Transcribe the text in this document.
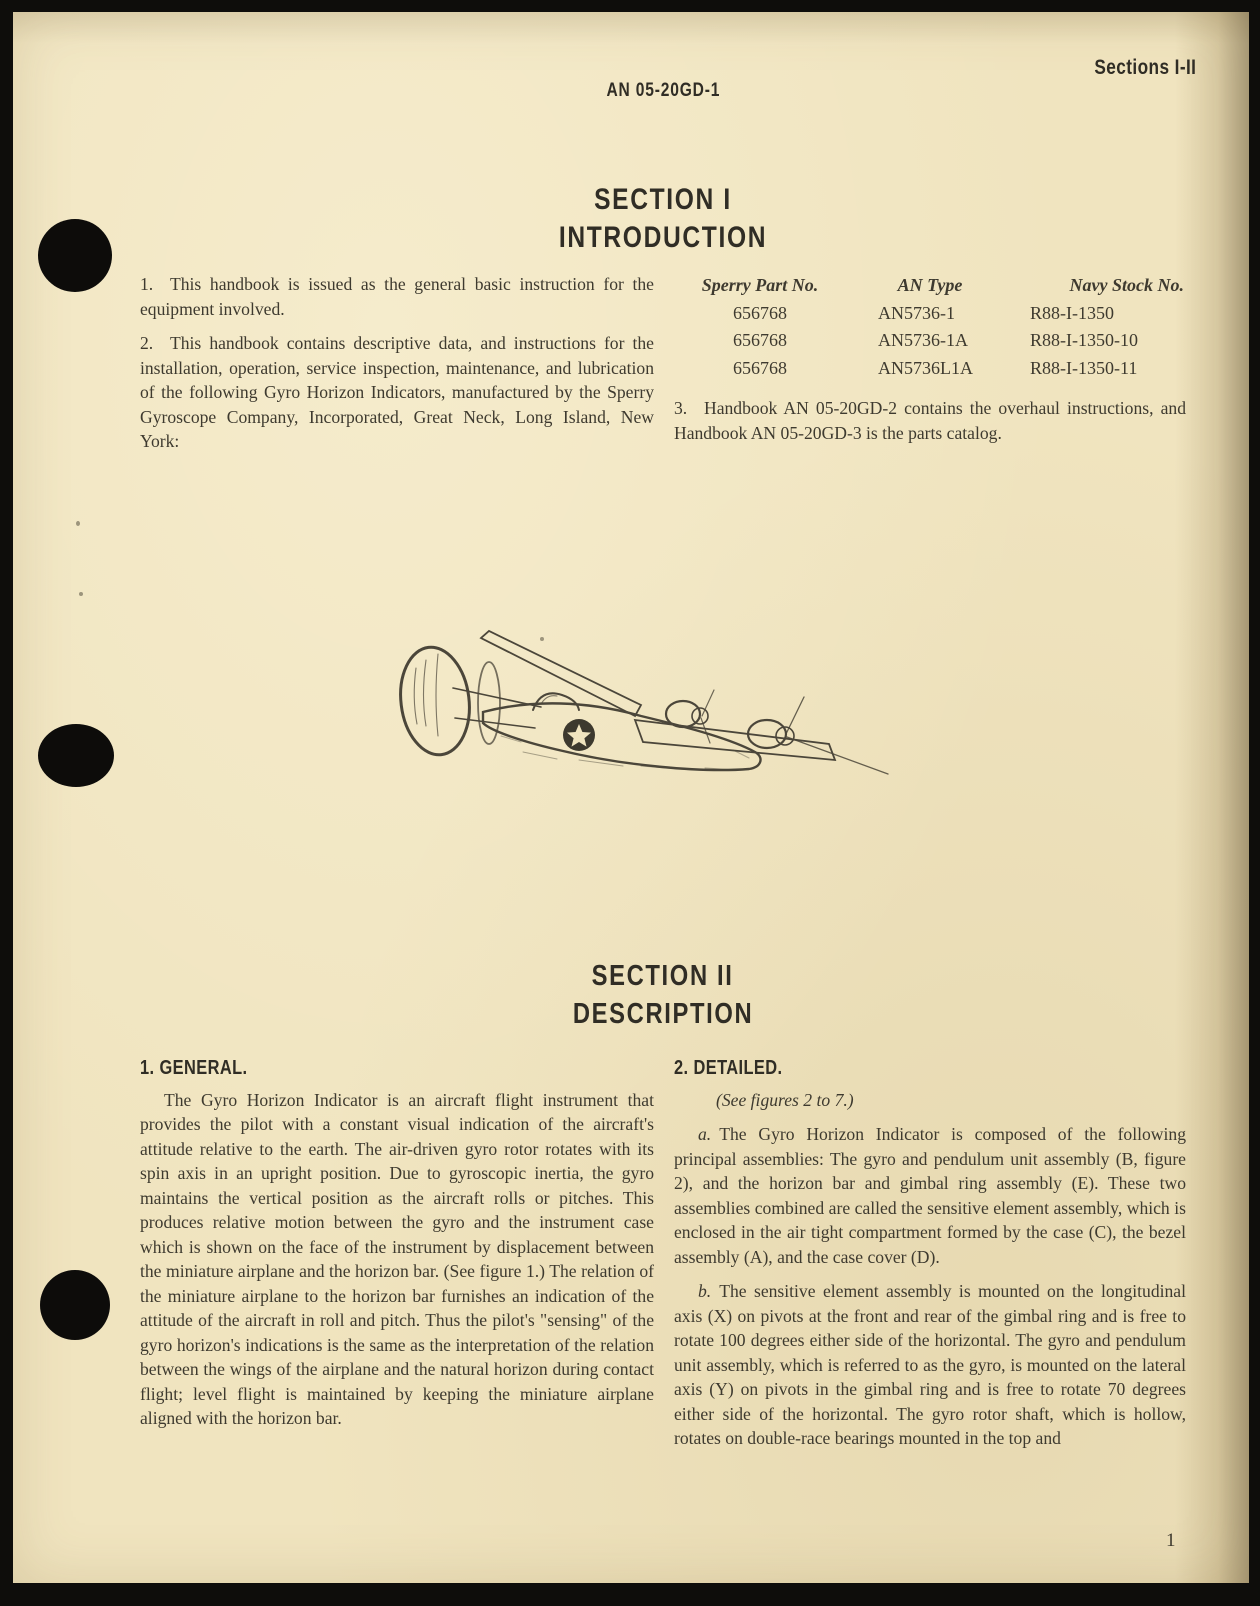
Sections I-II
AN 05-20GD-1
SECTION I
INTRODUCTION

1. This handbook is issued as the general basic instruction for the equipment involved.

2. This handbook contains descriptive data, and instructions for the installation, operation, service inspection, maintenance, and lubrication of the following Gyro Horizon Indicators, manufactured by the Sperry Gyroscope Company, Incorporated, Great Neck, Long Island, New York:

Sperry Part No.	AN Type	Navy Stock No.
656768	AN5736-1	R88-I-1350
656768	AN5736-1A	R88-I-1350-10
656768	AN5736L1A	R88-I-1350-11

3. Handbook AN 05-20GD-2 contains the overhaul instructions, and Handbook AN 05-20GD-3 is the parts catalog.

SECTION II
DESCRIPTION
1. GENERAL.

The Gyro Horizon Indicator is an aircraft flight instrument that provides the pilot with a constant visual indication of the aircraft's attitude relative to the earth. The air-driven gyro rotor rotates with its spin axis in an upright position. Due to gyroscopic inertia, the gyro maintains the vertical position as the aircraft rolls or pitches. This produces relative motion between the gyro and the instrument case which is shown on the face of the instrument by displacement between the miniature airplane and the horizon bar. (See figure 1.) The relation of the miniature airplane to the horizon bar furnishes an indication of the attitude of the aircraft in roll and pitch. Thus the pilot's "sensing" of the gyro horizon's indications is the same as the interpretation of the relation between the wings of the airplane and the natural horizon during contact flight; level flight is maintained by keeping the miniature airplane aligned with the horizon bar.

2. DETAILED.

(See figures 2 to 7.)

a. The Gyro Horizon Indicator is composed of the following principal assemblies: The gyro and pendulum unit assembly (B, figure 2), and the horizon bar and gimbal ring assembly (E). These two assemblies combined are called the sensitive element assembly, which is enclosed in the air tight compartment formed by the case (C), the bezel assembly (A), and the case cover (D).

b. The sensitive element assembly is mounted on the longitudinal axis (X) on pivots at the front and rear of the gimbal ring and is free to rotate 100 degrees either side of the horizontal. The gyro and pendulum unit assembly, which is referred to as the gyro, is mounted on the lateral axis (Y) on pivots in the gimbal ring and is free to rotate 70 degrees either side of the horizontal. The gyro rotor shaft, which is hollow, rotates on double-race bearings mounted in the top and

1
